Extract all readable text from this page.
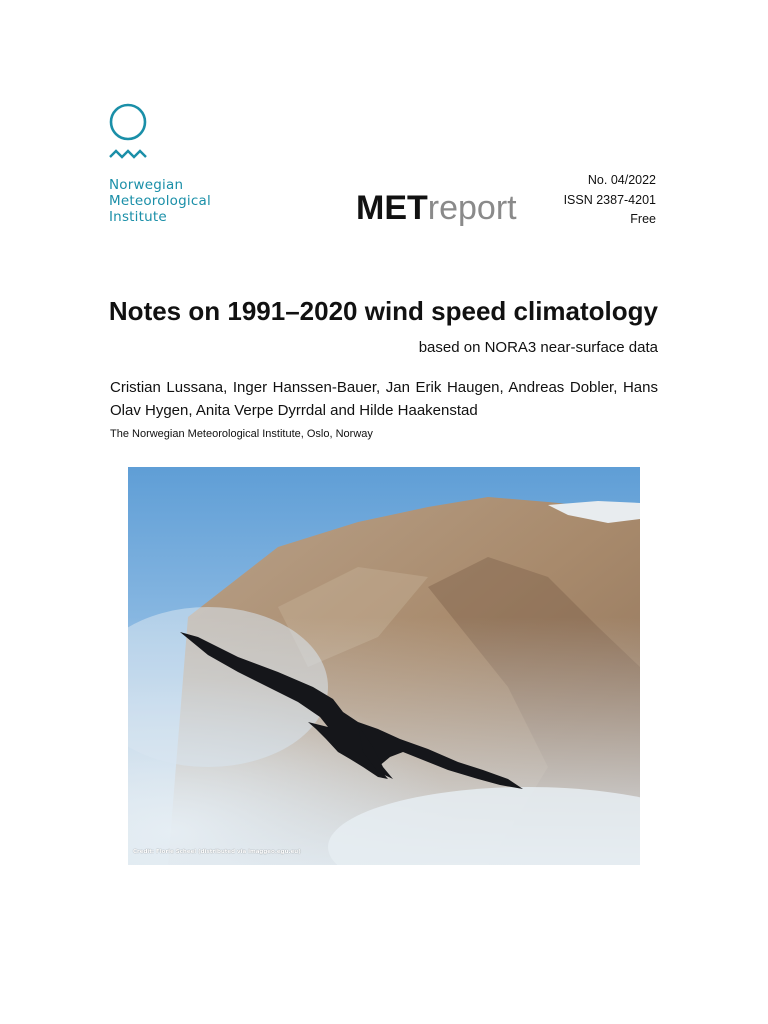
Norwegian
Meteorological
Institute	METreport
No. 04/2022
ISSN 2387-4201
Free
Notes on 1991–2020 wind speed climatology
based on NORA3 near-surface data
Cristian Lussana, Inger Hanssen-Bauer, Jan Erik Haugen, Andreas Dobler, Hans Olav Hygen, Anita Verpe Dyrrdal and Hilde Haakenstad
The Norwegian Meteorological Institute, Oslo, Norway
Credit: Florie Scheel (distributed via imaggeo.egu.eu)
